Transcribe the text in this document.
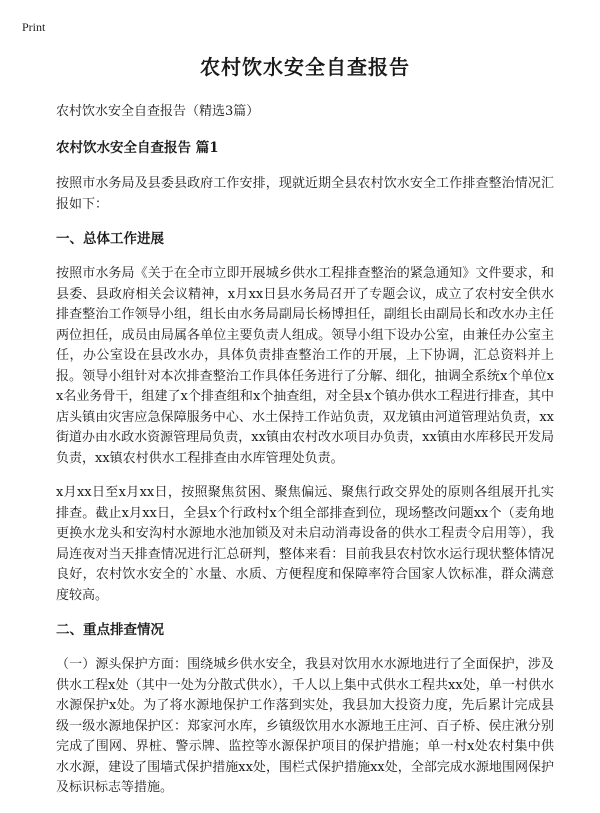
Print
农村饮水安全自查报告
农村饮水安全自查报告（精选3篇）
农村饮水安全自查报告 篇1
按照市水务局及县委县政府工作安排，现就近期全县农村饮水安全工作排查整治情况汇报如下：
一、总体工作进展
按照市水务局《关于在全市立即开展城乡供水工程排查整治的紧急通知》文件要求，和县委、县政府相关会议精神，x月xx日县水务局召开了专题会议，成立了农村安全供水排查整治工作领导小组，组长由水务局副局长杨博担任，副组长由副局长和改水办主任两位担任，成员由局属各单位主要负责人组成。领导小组下设办公室，由兼任办公室主任，办公室设在县改水办，具体负责排查整治工作的开展，上下协调，汇总资料并上报。领导小组针对本次排查整治工作具体任务进行了分解、细化，抽调全系统x个单位xx名业务骨干，组建了x个排查组和x个抽查组，对全县x个镇办供水工程进行排查，其中店头镇由灾害应急保障服务中心、水土保持工作站负责，双龙镇由河道管理站负责，xx街道办由水政水资源管理局负责，xx镇由农村改水项目办负责，xx镇由水库移民开发局负责，xx镇农村供水工程排查由水库管理处负责。
x月xx日至x月xx日，按照聚焦贫困、聚焦偏远、聚焦行政交界处的原则各组展开扎实排查。截止x月xx日，全县x个行政村x个组全部排查到位，现场整改问题xx个（麦角地更换水龙头和安沟村水源地水池加锁及对未启动消毒设备的供水工程责令启用等），我局连夜对当天排查情况进行汇总研判，整体来看：目前我县农村饮水运行现状整体情况良好，农村饮水安全的`水量、水质、方便程度和保障率符合国家人饮标准，群众满意度较高。
二、重点排查情况
（一）源头保护方面：围绕城乡供水安全，我县对饮用水水源地进行了全面保护，涉及供水工程x处（其中一处为分散式供水），千人以上集中式供水工程共xx处，单一村供水水源保护x处。为了将水源地保护工作落到实处，我县加大投资力度，先后累计完成县级一级水源地保护区：郑家河水库，乡镇级饮用水水源地王庄河、百子桥、侯庄湫分别完成了围网、界桩、警示牌、监控等水源保护项目的保护措施；单一村x处农村集中供水水源，建设了围墙式保护措施xx处，围栏式保护措施xx处，全部完成水源地围网保护及标识标志等措施。
